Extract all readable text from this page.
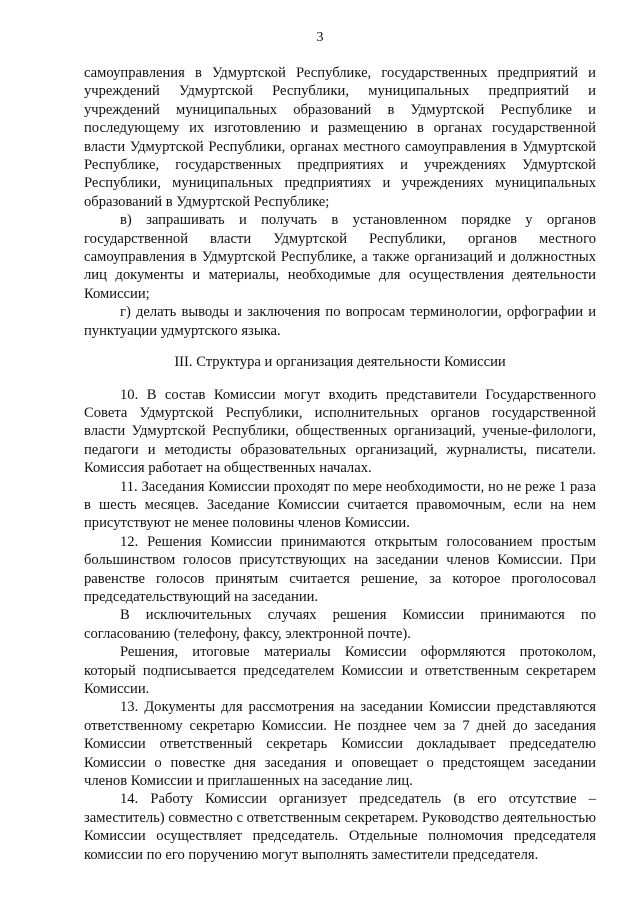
3

самоуправления в Удмуртской Республике, государственных предприятий и учреждений Удмуртской Республики, муниципальных предприятий и учреждений муниципальных образований в Удмуртской Республике и последующему их изготовлению и размещению в органах государственной власти Удмуртской Республики, органах местного самоуправления в Удмуртской Республике, государственных предприятиях и учреждениях Удмуртской Республики, муниципальных предприятиях и учреждениях муниципальных образований в Удмуртской Республике;

в) запрашивать и получать в установленном порядке у органов государственной власти Удмуртской Республики, органов местного самоуправления в Удмуртской Республике, а также организаций и должностных лиц документы и материалы, необходимые для осуществления деятельности Комиссии;

г) делать выводы и заключения по вопросам терминологии, орфографии и пунктуации удмуртского языка.

III. Структура и организация деятельности Комиссии

10. В состав Комиссии могут входить представители Государственного Совета Удмуртской Республики, исполнительных органов государственной власти Удмуртской Республики, общественных организаций, ученые-филологи, педагоги и методисты образовательных организаций, журналисты, писатели. Комиссия работает на общественных началах.

11. Заседания Комиссии проходят по мере необходимости, но не реже 1 раза в шесть месяцев. Заседание Комиссии считается правомочным, если на нем присутствуют не менее половины членов Комиссии.

12. Решения Комиссии принимаются открытым голосованием простым большинством голосов присутствующих на заседании членов Комиссии. При равенстве голосов принятым считается решение, за которое проголосовал председательствующий на заседании.

В исключительных случаях решения Комиссии принимаются по согласованию (телефону, факсу, электронной почте).

Решения, итоговые материалы Комиссии оформляются протоколом, который подписывается председателем Комиссии и ответственным секретарем Комиссии.

13. Документы для рассмотрения на заседании Комиссии представляются ответственному секретарю Комиссии. Не позднее чем за 7 дней до заседания Комиссии ответственный секретарь Комиссии докладывает председателю Комиссии о повестке дня заседания и оповещает о предстоящем заседании членов Комиссии и приглашенных на заседание лиц.

14. Работу Комиссии организует председатель (в его отсутствие – заместитель) совместно с ответственным секретарем. Руководство деятельностью Комиссии осуществляет председатель. Отдельные полномочия председателя комиссии по его поручению могут выполнять заместители председателя.
